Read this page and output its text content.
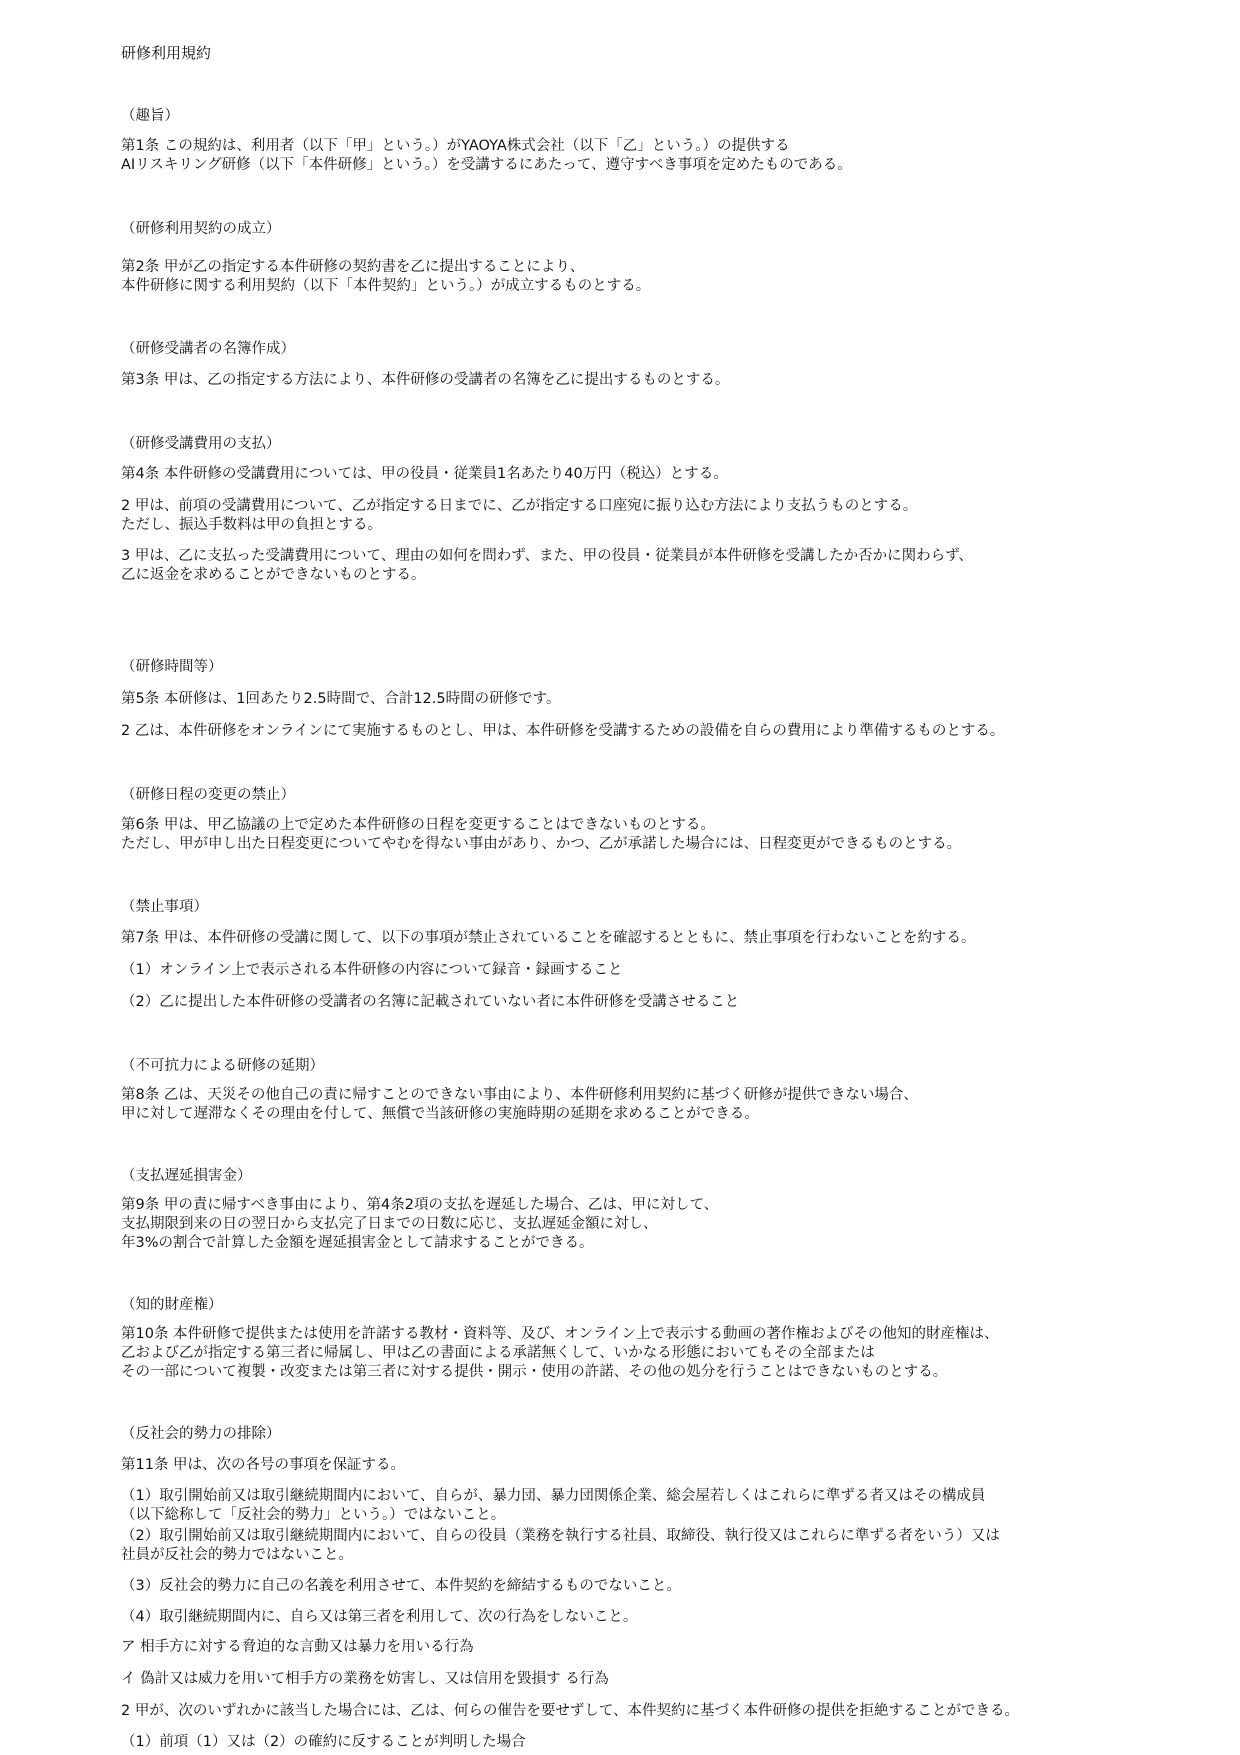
研修利用規約
（趣旨）
第1条 この規約は、利用者（以下「甲」という。）がYAOYA株式会社（以下「乙」という。）の提供する
AIリスキリング研修（以下「本件研修」という。）を受講するにあたって、遵守すべき事項を定めたものである。
（研修利用契約の成立）
第2条 甲が乙の指定する本件研修の契約書を乙に提出することにより、
本件研修に関する利用契約（以下「本件契約」という。）が成立するものとする。
（研修受講者の名簿作成）
第3条 甲は、乙の指定する方法により、本件研修の受講者の名簿を乙に提出するものとする。
（研修受講費用の支払）
第4条 本件研修の受講費用については、甲の役員・従業員1名あたり40万円（税込）とする。
2 甲は、前項の受講費用について、乙が指定する日までに、乙が指定する口座宛に振り込む方法により支払うものとする。
ただし、振込手数料は甲の負担とする。
3 甲は、乙に支払った受講費用について、理由の如何を問わず、また、甲の役員・従業員が本件研修を受講したか否かに関わらず、
乙に返金を求めることができないものとする。
（研修時間等）
第5条 本研修は、1回あたり2.5時間で、合計12.5時間の研修です。
2 乙は、本件研修をオンラインにて実施するものとし、甲は、本件研修を受講するための設備を自らの費用により準備するものとする。
（研修日程の変更の禁止）
第6条 甲は、甲乙協議の上で定めた本件研修の日程を変更することはできないものとする。
ただし、甲が申し出た日程変更についてやむを得ない事由があり、かつ、乙が承諾した場合には、日程変更ができるものとする。
（禁止事項）
第7条 甲は、本件研修の受講に関して、以下の事項が禁止されていることを確認するとともに、禁止事項を行わないことを約する。
（1）オンライン上で表示される本件研修の内容について録音・録画すること
（2）乙に提出した本件研修の受講者の名簿に記載されていない者に本件研修を受講させること
（不可抗力による研修の延期）
第8条 乙は、天災その他自己の責に帰すことのできない事由により、本件研修利用契約に基づく研修が提供できない場合、
甲に対して遅滞なくその理由を付して、無償で当該研修の実施時期の延期を求めることができる。
（支払遅延損害金）
第9条 甲の責に帰すべき事由により、第4条2項の支払を遅延した場合、乙は、甲に対して、
支払期限到来の日の翌日から支払完了日までの日数に応じ、支払遅延金額に対し、
年3%の割合で計算した金額を遅延損害金として請求することができる。
（知的財産権）
第10条 本件研修で提供または使用を許諾する教材・資料等、及び、オンライン上で表示する動画の著作権およびその他知的財産権は、
乙および乙が指定する第三者に帰属し、甲は乙の書面による承諾無くして、いかなる形態においてもその全部または
その一部について複製・改変または第三者に対する提供・開示・使用の許諾、その他の処分を行うことはできないものとする。
（反社会的勢力の排除）
第11条 甲は、次の各号の事項を保証する。
（1）取引開始前又は取引継続期間内において、自らが、暴力団、暴力団関係企業、総会屋若しくはこれらに準ずる者又はその構成員
（以下総称して「反社会的勢力」という。）ではないこと。
（2）取引開始前又は取引継続期間内において、自らの役員（業務を執行する社員、取締役、執行役又はこれらに準ずる者をいう）又は
社員が反社会的勢力ではないこと。
（3）反社会的勢力に自己の名義を利用させて、本件契約を締結するものでないこと。
（4）取引継続期間内に、自ら又は第三者を利用して、次の行為をしないこと。
ア 相手方に対する脅迫的な言動又は暴力を用いる行為
イ 偽計又は威力を用いて相手方の業務を妨害し、又は信用を毀損す る行為
2 甲が、次のいずれかに該当した場合には、乙は、何らの催告を要せずして、本件契約に基づく本件研修の提供を拒絶することができる。
（1）前項（1）又は（2）の確約に反することが判明した場合
